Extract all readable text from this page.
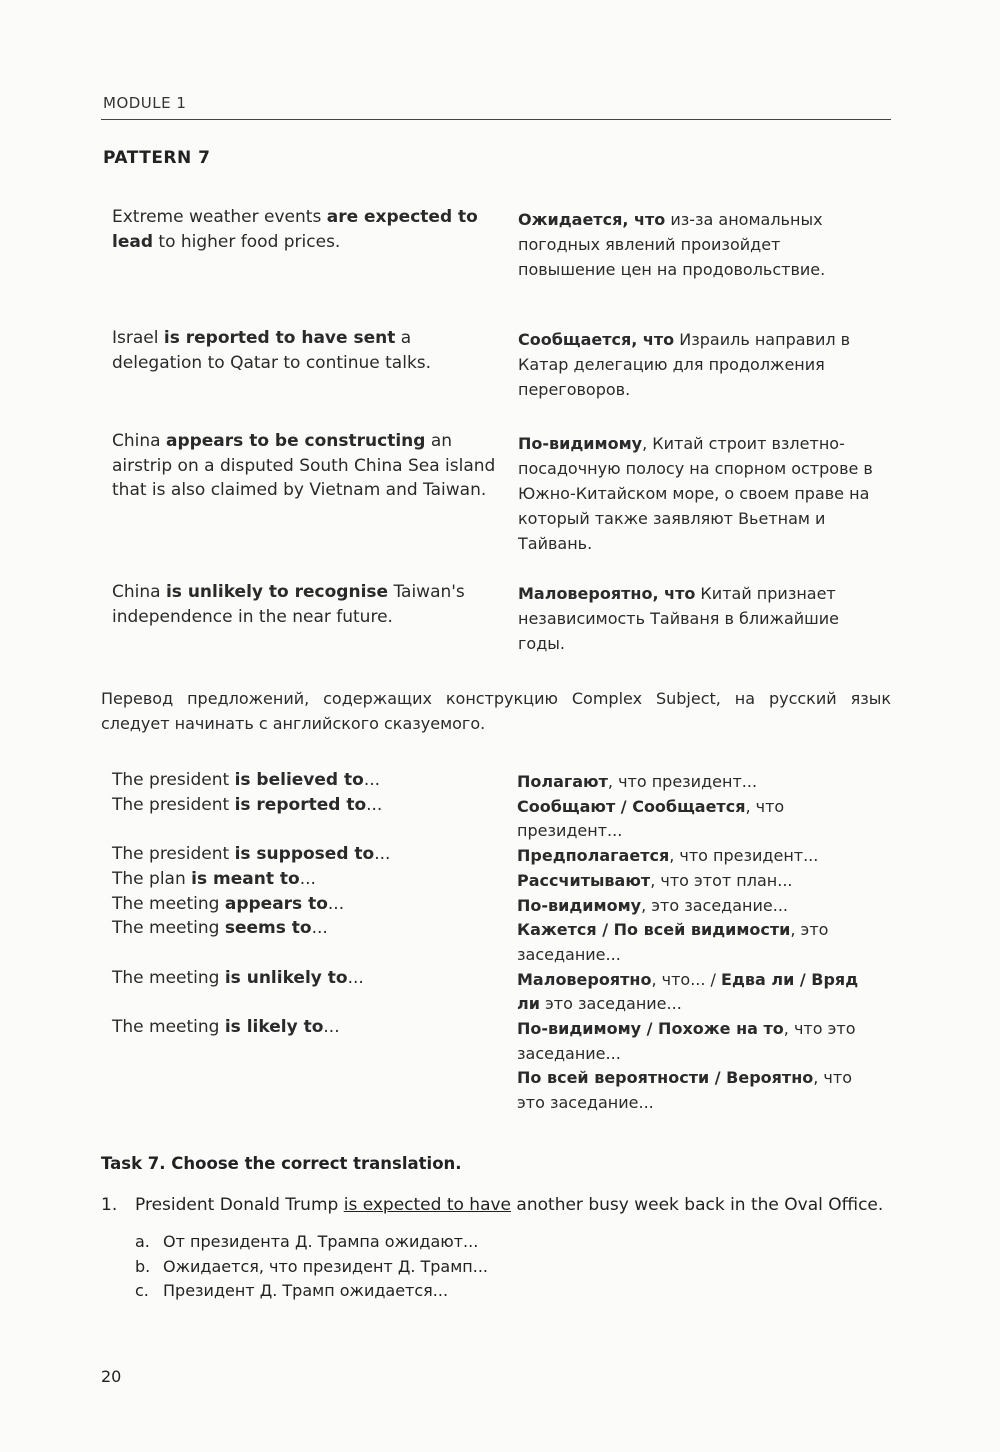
MODULE 1
PATTERN 7
Extreme weather events are expected to lead to higher food prices.
Ожидается, что из-за аномальных погодных явлений произойдет повышение цен на продовольствие.
Israel is reported to have sent a delegation to Qatar to continue talks.
Сообщается, что Израиль направил в Катар делегацию для продолжения переговоров.
China appears to be constructing an airstrip on a disputed South China Sea island that is also claimed by Vietnam and Taiwan.
По-видимому, Китай строит взлетно-посадочную полосу на спорном острове в Южно-Китайском море, о своем праве на который также заявляют Вьетнам и Тайвань.
China is unlikely to recognise Taiwan's independence in the near future.
Маловероятно, что Китай признает независимость Тайваня в ближайшие годы.
Перевод предложений, содержащих конструкцию Complex Subject, на русский язык следует начинать с английского сказуемого.
The president is believed to...
The president is reported to...
The president is supposed to...
The plan is meant to...
The meeting appears to...
The meeting seems to...
The meeting is unlikely to...
The meeting is likely to...
Полагают, что президент...
Сообщают / Сообщается, что президент...
Предполагается, что президент...
Рассчитывают, что этот план...
По-видимому, это заседание...
Кажется / По всей видимости, это заседание...
Маловероятно, что... / Едва ли / Вряд ли это заседание...
По-видимому / Похоже на то, что это заседание...
По всей вероятности / Вероятно, что это заседание...
Task 7. Choose the correct translation.
1. President Donald Trump is expected to have another busy week back in the Oval Office.
a. От президента Д. Трампа ожидают...
b. Ожидается, что президент Д. Трамп...
c. Президент Д. Трамп ожидается...
20
